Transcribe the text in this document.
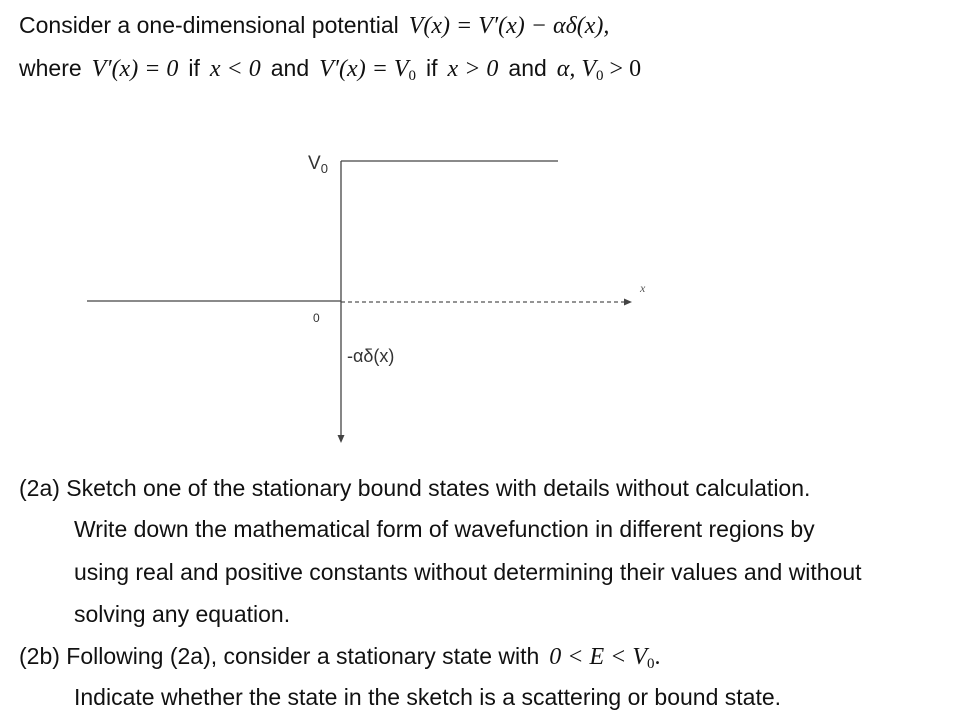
Consider a one-dimensional potential V(x) = V′(x) − αδ(x),
where V′(x) = 0 if x < 0 and $V'(x) = V_0$ if x > 0 and α, $V_0 > 0$
$V_0$
0
x
-αδ(x)
(2a) Sketch one of the stationary bound states with details without calculation.
Write down the mathematical form of wavefunction in different regions by
using real and positive constants without determining their values and without
solving any equation.
(2b) Following (2a), consider a stationary state with $0 < E < V_0$.
Indicate whether the state in the sketch is a scattering or bound state.
